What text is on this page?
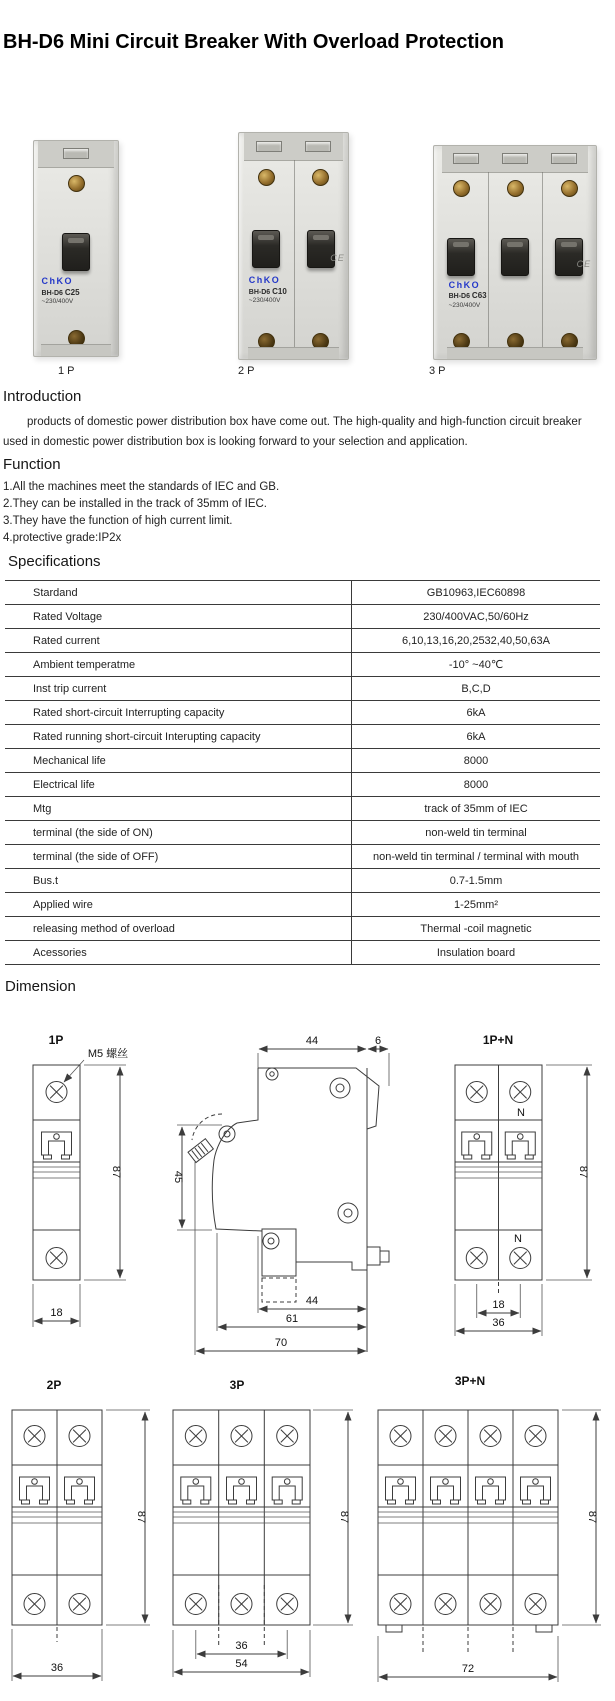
BH-D6 Mini Circuit Breaker With Overload Protection
ChKO
BH-D6 C25
~230/400V
CE
ChKO
BH-D6 C10
~230/400V
CE
ChKO
BH-D6 C63
~230/400V
1 P	2 P	3 P
Introduction

products of domestic power distribution box have come out. The high-quality and high-function circuit breaker used in domestic power distribution box is looking forward to your selection and application.

Function
1.All the machines meet the standards of IEC and GB.
2.They can be installed in the track of 35mm of IEC.
3.They have the function of high current limit.
4.protective grade:IP2x
Specifications
Stardand	GB10963,IEC60898
Rated Voltage	230/400VAC,50/60Hz
Rated current	6,10,13,16,20,2532,40,50,63A
Ambient temperatme	-10° ~40℃
Inst trip current	B,C,D
Rated short-circuit Interrupting capacity	6kA
Rated running short-circuit Interupting capacity	6kA
Mechanical life	8000
Electrical life	8000
Mtg	track of 35mm of IEC
terminal (the side of ON)	non-weld tin terminal
terminal (the side of OFF)	non-weld tin terminal / terminal with mouth
Bus.t	0.7-1.5mm
Applied wire	1-25mm²
releasing method of overload	Thermal -coil magnetic
Acessories	Insulation board
Dimension
1P
M5 螺丝
87
18
44	6
45
44
61
70
1P+N
N
N
87
18
36
2P
87
36
3P
87
36
54
3P+N
87
72
